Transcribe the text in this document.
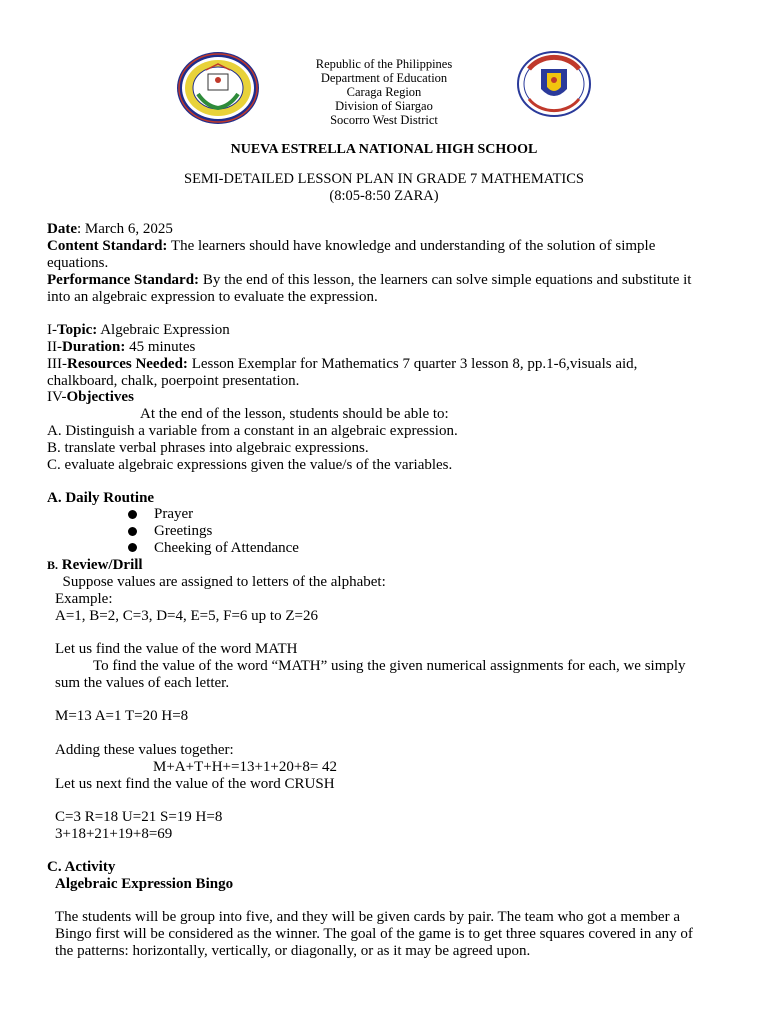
Republic of the Philippines
Department of Education
Caraga Region
Division of Siargao
Socorro West District
NUEVA ESTRELLA NATIONAL HIGH SCHOOL
SEMI-DETAILED LESSON PLAN IN GRADE 7 MATHEMATICS
(8:05-8:50 ZARA)
Date: March 6, 2025
Content Standard: The learners should have knowledge and understanding of the solution of simple
equations.
Performance Standard: By the end of this lesson, the learners can solve simple equations and substitute it
into an algebraic expression to evaluate the expression.
I-Topic: Algebraic Expression
II-Duration: 45 minutes
III-Resources Needed: Lesson Exemplar for Mathematics 7 quarter 3 lesson 8, pp.1-6,visuals aid,
chalkboard, chalk, poerpoint presentation.
IV-Objectives
At the end of the lesson, students should be able to:
A. Distinguish a variable from a constant in an algebraic expression.
B. translate verbal phrases into algebraic expressions.
C. evaluate algebraic expressions given the value/s of the variables.
A. Daily Routine
Prayer
Greetings
Cheeking of Attendance
B. Review/Drill
Suppose values are assigned to letters of the alphabet:
Example:
A=1, B=2, C=3, D=4, E=5, F=6 up to Z=26
Let us find the value of the word MATH
To find the value of the word “MATH” using the given numerical assignments for each, we simply
sum the values of each letter.
M=13 A=1 T=20 H=8
Adding these values together:
M+A+T+H+=13+1+20+8= 42
Let us next find the value of the word CRUSH
C=3 R=18 U=21 S=19 H=8
3+18+21+19+8=69
C. Activity
Algebraic Expression Bingo
The students will be group into five, and they will be given cards by pair. The team who got a member a
Bingo first will be considered as the winner. The goal of the game is to get three squares covered in any of
the patterns: horizontally, vertically, or diagonally, or as it may be agreed upon.
